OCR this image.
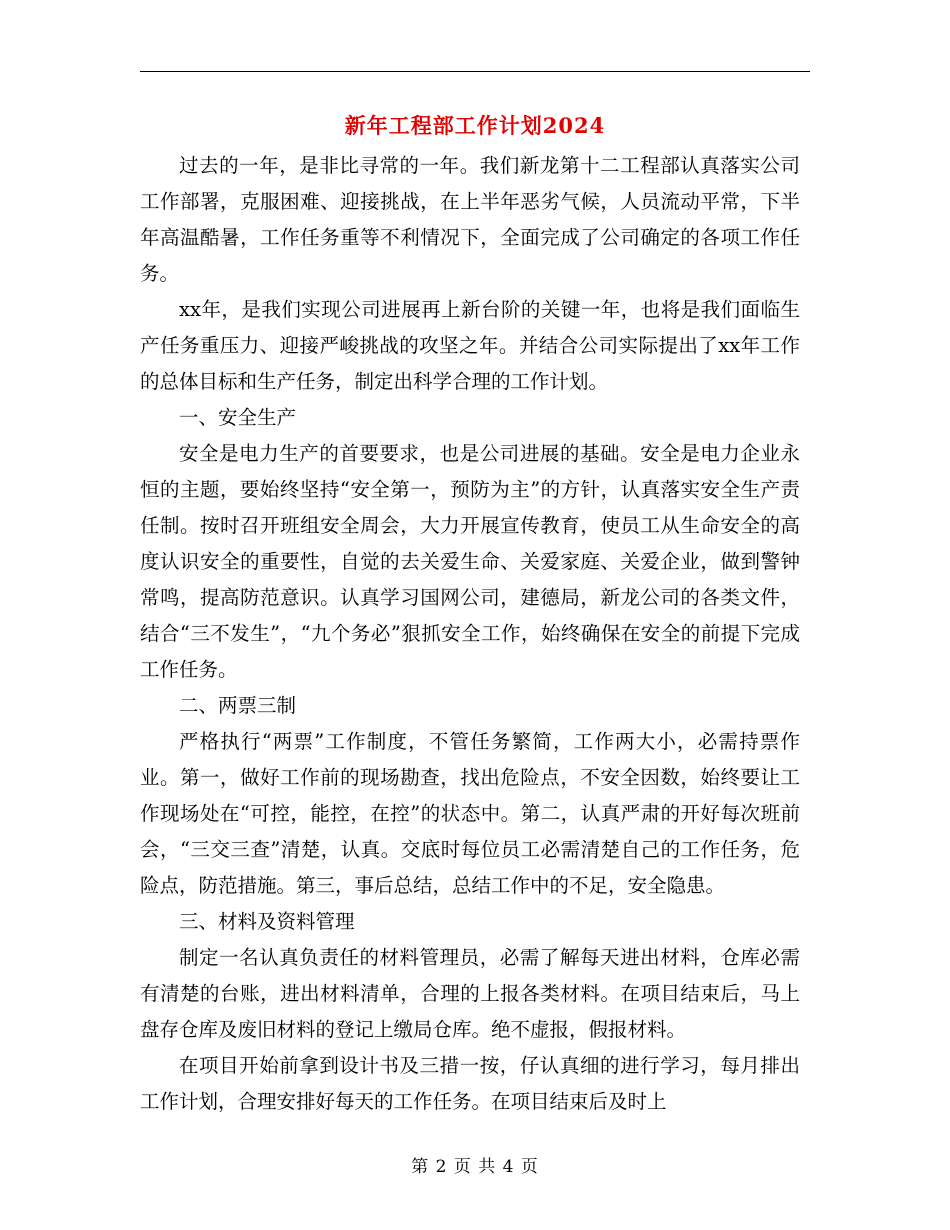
新年工程部工作计划2024

过去的一年，是非比寻常的一年。我们新龙第十二工程部认真落实公司工作部署，克服困难、迎接挑战，在上半年恶劣气候，人员流动平常，下半年高温酷暑，工作任务重等不利情况下，全面完成了公司确定的各项工作任务。

xx年，是我们实现公司进展再上新台阶的关键一年，也将是我们面临生产任务重压力、迎接严峻挑战的攻坚之年。并结合公司实际提出了xx年工作的总体目标和生产任务，制定出科学合理的工作计划。

一、安全生产

安全是电力生产的首要要求，也是公司进展的基础。安全是电力企业永恒的主题，要始终坚持“安全第一，预防为主”的方针，认真落实安全生产责任制。按时召开班组安全周会，大力开展宣传教育，使员工从生命安全的高度认识安全的重要性，自觉的去关爱生命、关爱家庭、关爱企业，做到警钟常鸣，提高防范意识。认真学习国网公司，建德局，新龙公司的各类文件，结合“三不发生”，“九个务必”狠抓安全工作，始终确保在安全的前提下完成工作任务。

二、两票三制

严格执行“两票”工作制度，不管任务繁简，工作两大小，必需持票作业。第一，做好工作前的现场勘查，找出危险点，不安全因数，始终要让工作现场处在“可控，能控，在控”的状态中。第二，认真严肃的开好每次班前会，“三交三查”清楚，认真。交底时每位员工必需清楚自己的工作任务，危险点，防范措施。第三，事后总结，总结工作中的不足，安全隐患。

三、材料及资料管理

制定一名认真负责任的材料管理员，必需了解每天进出材料，仓库必需有清楚的台账，进出材料清单，合理的上报各类材料。在项目结束后，马上盘存仓库及废旧材料的登记上缴局仓库。绝不虚报，假报材料。

在项目开始前拿到设计书及三措一按，仔认真细的进行学习，每月排出工作计划，合理安排好每天的工作任务。在项目结束后及时上

第 2 页 共 4 页
